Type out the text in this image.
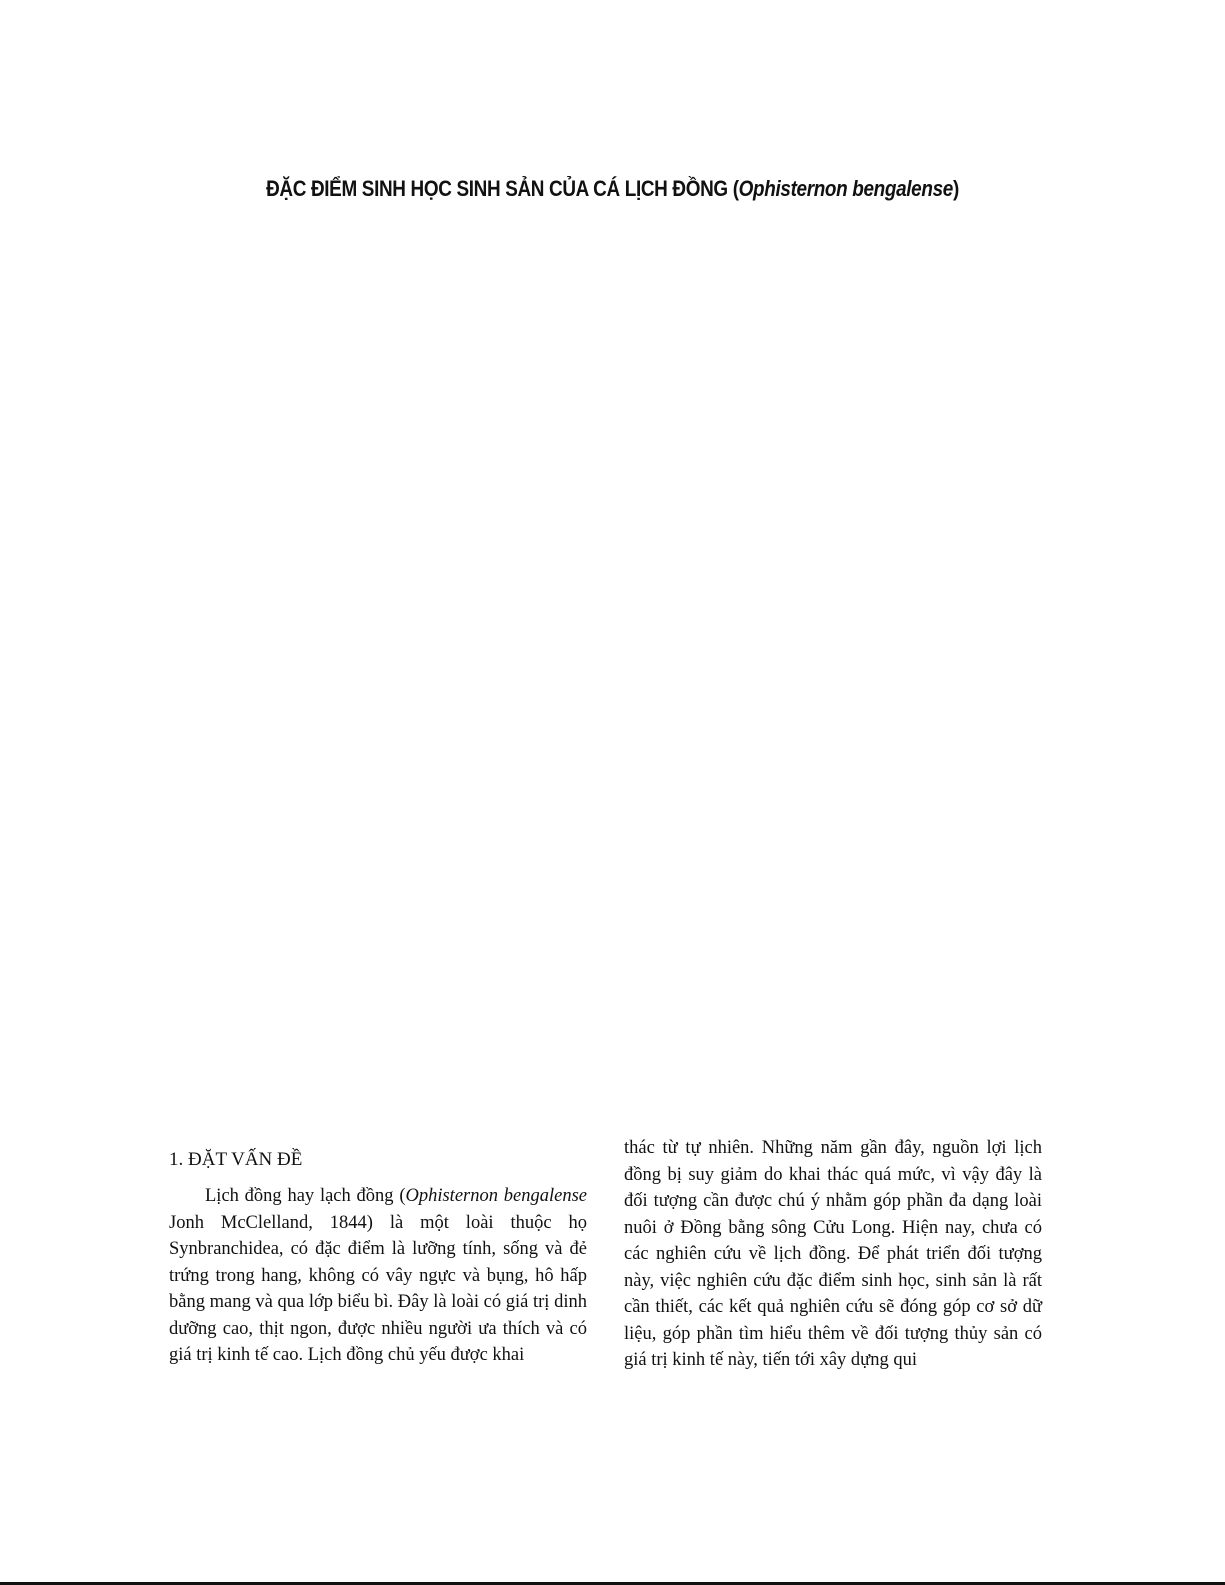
ĐẶC ĐIỂM SINH HỌC SINH SẢN CỦA CÁ LỊCH ĐỒNG (Ophisternon bengalense)
1. ĐẶT VẤN ĐỀ

Lịch đồng hay lạch đồng (Ophisternon bengalense Jonh McClelland, 1844) là một loài thuộc họ Synbranchidea, có đặc điểm là lưỡng tính, sống và đẻ trứng trong hang, không có vây ngực và bụng, hô hấp bằng mang và qua lớp biểu bì. Đây là loài có giá trị dinh dưỡng cao, thịt ngon, được nhiều người ưa thích và có giá trị kinh tế cao. Lịch đồng chủ yếu được khai

thác từ tự nhiên. Những năm gần đây, nguồn lợi lịch đồng bị suy giảm do khai thác quá mức, vì vậy đây là đối tượng cần được chú ý nhằm góp phần đa dạng loài nuôi ở Đồng bằng sông Cửu Long. Hiện nay, chưa có các nghiên cứu về lịch đồng. Để phát triển đối tượng này, việc nghiên cứu đặc điểm sinh học, sinh sản là rất cần thiết, các kết quả nghiên cứu sẽ đóng góp cơ sở dữ liệu, góp phần tìm hiểu thêm về đối tượng thủy sản có giá trị kinh tế này, tiến tới xây dựng qui
